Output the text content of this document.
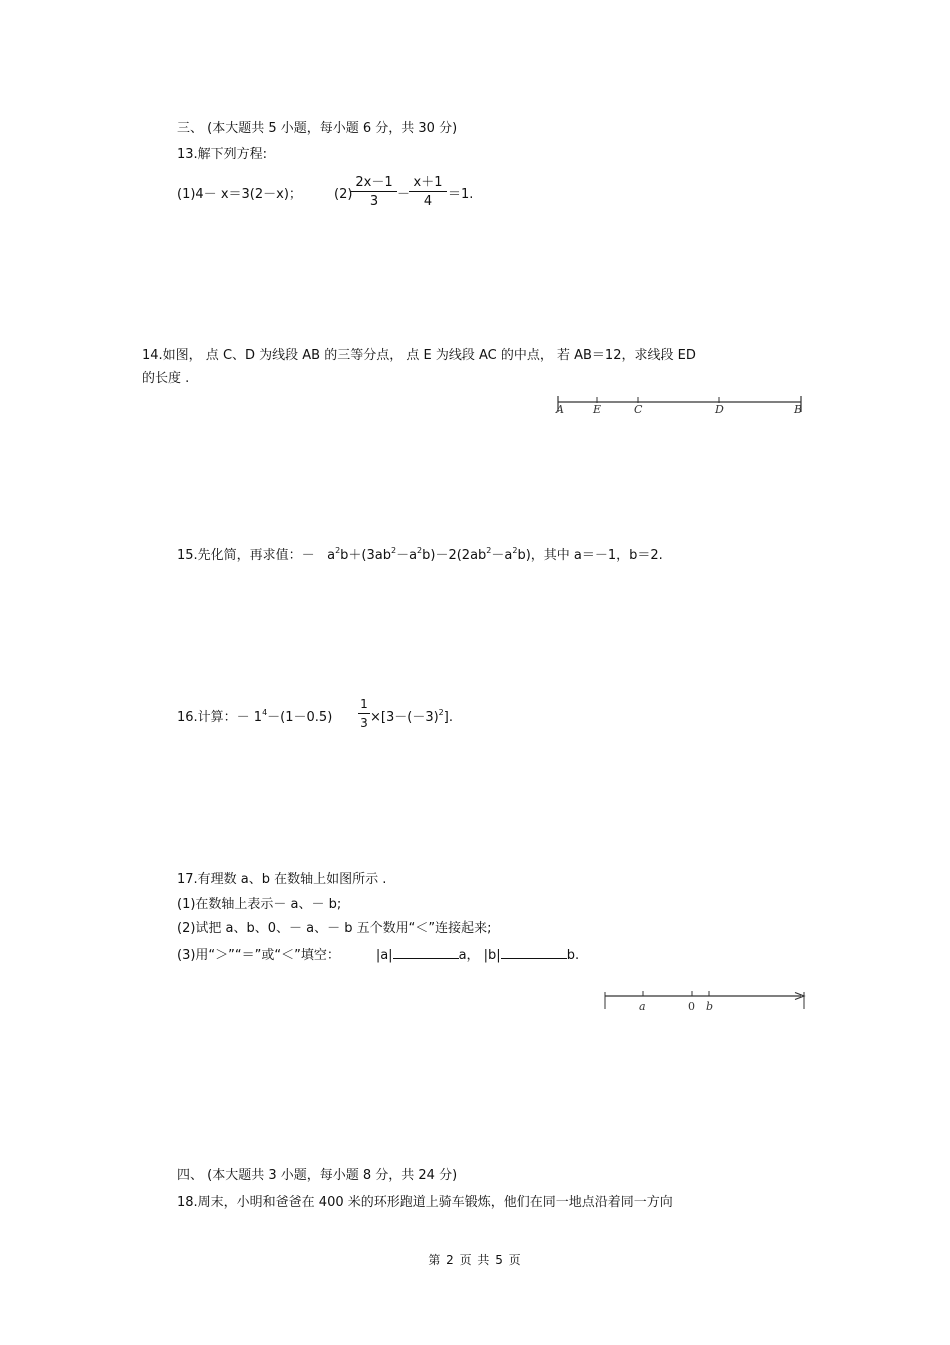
三、 (本大题共 5 小题，每小题 6 分，共 30 分)
13.解下列方程:
(1)4－ x＝3(2－x)； (2)
$\frac{2x-1}{3}$ －
$\frac{x+1}{4} =1$.
14.如图， 点 C、D 为线段 AB 的三等分点， 点 E 为线段 AC 的中点， 若 AB＝12，求线段 ED
的长度 .
A	E	C	D	B
15.先化简，再求值：－ $a^2b+(3ab^2-a^2b)-2(2ab^2-a^2b)$，其中 a＝－1，b＝2.
16.计算：－ $1^4-(1-0.5) \frac{1}{3} \times[3-(-3)^2]$.
17.有理数 a、b 在数轴上如图所示 .
(1)在数轴上表示－ a、－ b;
(2)试把 a、b、0、－ a、－ b 五个数用“＜”连接起来;
(3)用“＞”“＝”或“＜”填空：	|a|	a， |b|	b.
a	0 b
四、 (本大题共 3 小题，每小题 8 分，共 24 分)
18.周末，小明和爸爸在 400 米的环形跑道上骑车锻炼，他们在同一地点沿着同一方向
第 2 页 共 5 页
